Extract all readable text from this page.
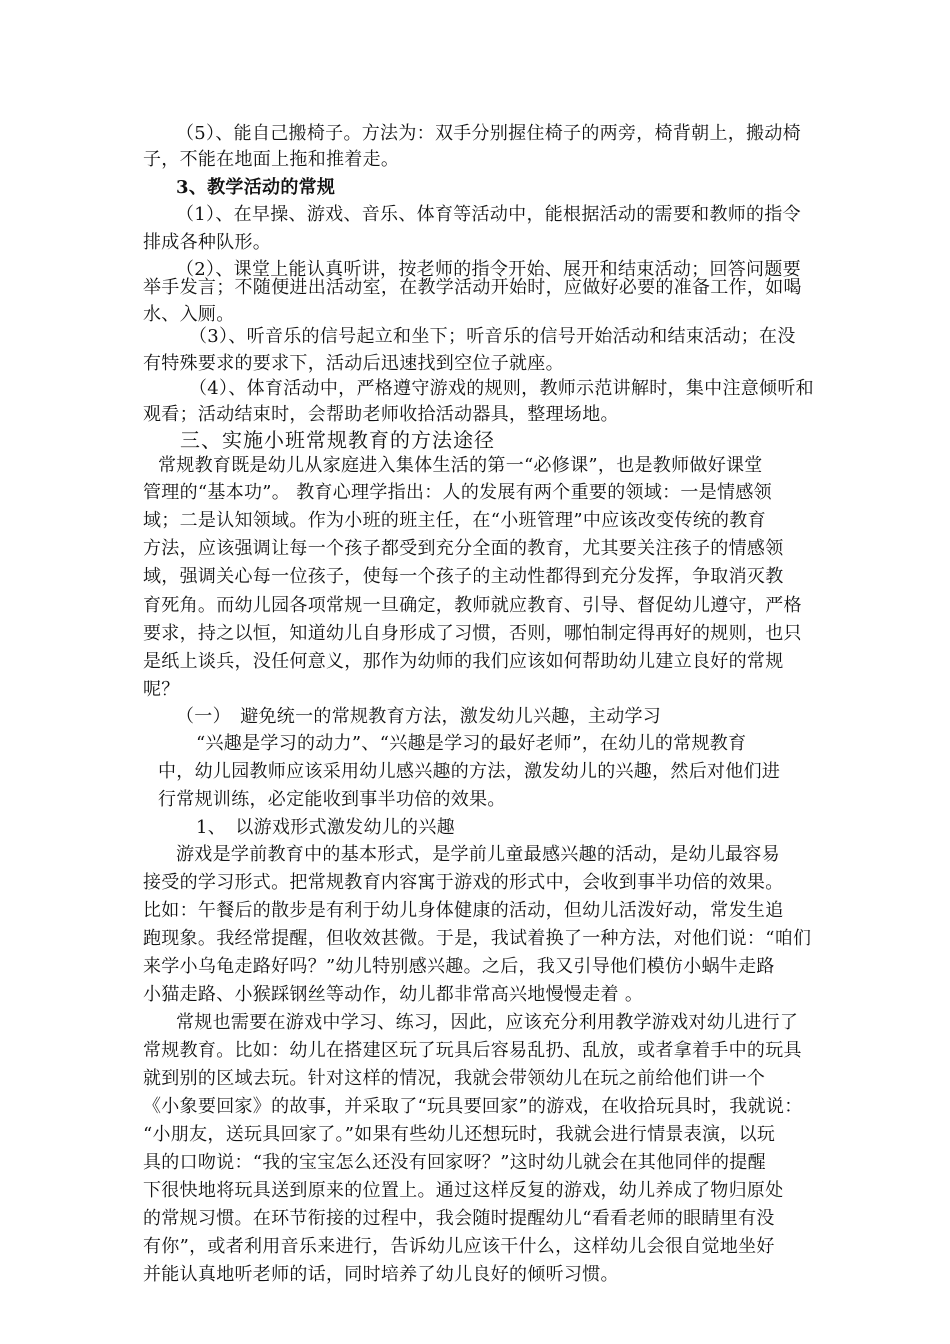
（5）、能自己搬椅子。方法为：双手分别握住椅子的两旁，椅背朝上，搬动椅
子，不能在地面上拖和推着走。
3、教学活动的常规
（1）、在早操、游戏、音乐、体育等活动中，能根据活动的需要和教师的指令
排成各种队形。
（2）、课堂上能认真听讲，按老师的指令开始、展开和结束活动；回答问题要
举手发言；不随便进出活动室，在教学活动开始时，应做好必要的准备工作，如喝
水、入厕。
（3）、听音乐的信号起立和坐下；听音乐的信号开始活动和结束活动；在没
有特殊要求的要求下，活动后迅速找到空位子就座。
（4）、体育活动中，严格遵守游戏的规则，教师示范讲解时，集中注意倾听和
观看；活动结束时，会帮助老师收拾活动器具，整理场地。
三、实施小班常规教育的方法途径
常规教育既是幼儿从家庭进入集体生活的第一“必修课”，也是教师做好课堂
管理的“基本功”。 教育心理学指出：人的发展有两个重要的领域：一是情感领
域；二是认知领域。作为小班的班主任，在“小班管理”中应该改变传统的教育
方法，应该强调让每一个孩子都受到充分全面的教育，尤其要关注孩子的情感领
域，强调关心每一位孩子，使每一个孩子的主动性都得到充分发挥，争取消灭教
育死角。而幼儿园各项常规一旦确定，教师就应教育、引导、督促幼儿遵守，严格
要求，持之以恒，知道幼儿自身形成了习惯，否则，哪怕制定得再好的规则，也只
是纸上谈兵，没任何意义，那作为幼师的我们应该如何帮助幼儿建立良好的常规
呢？
（一）　避免统一的常规教育方法，激发幼儿兴趣，主动学习
“兴趣是学习的动力”、“兴趣是学习的最好老师”，在幼儿的常规教育
中，幼儿园教师应该采用幼儿感兴趣的方法，激发幼儿的兴趣，然后对他们进
行常规训练，必定能收到事半功倍的效果。
1、　以游戏形式激发幼儿的兴趣
游戏是学前教育中的基本形式，是学前儿童最感兴趣的活动，是幼儿最容易
接受的学习形式。把常规教育内容寓于游戏的形式中，会收到事半功倍的效果。
比如：午餐后的散步是有利于幼儿身体健康的活动，但幼儿活泼好动，常发生追
跑现象。我经常提醒，但收效甚微。于是，我试着换了一种方法，对他们说：“咱们
来学小乌龟走路好吗？”幼儿特别感兴趣。之后，我又引导他们模仿小蜗牛走路
小猫走路、小猴踩钢丝等动作，幼儿都非常高兴地慢慢走着 。
常规也需要在游戏中学习、练习，因此，应该充分利用教学游戏对幼儿进行了
常规教育。比如：幼儿在搭建区玩了玩具后容易乱扔、乱放，或者拿着手中的玩具
就到别的区域去玩。针对这样的情况，我就会带领幼儿在玩之前给他们讲一个
《小象要回家》的故事，并采取了“玩具要回家”的游戏，在收拾玩具时，我就说：
“小朋友，送玩具回家了。”如果有些幼儿还想玩时，我就会进行情景表演，以玩
具的口吻说：“我的宝宝怎么还没有回家呀？”这时幼儿就会在其他同伴的提醒
下很快地将玩具送到原来的位置上。通过这样反复的游戏，幼儿养成了物归原处
的常规习惯。在环节衔接的过程中，我会随时提醒幼儿“看看老师的眼睛里有没
有你”，或者利用音乐来进行，告诉幼儿应该干什么，这样幼儿会很自觉地坐好
并能认真地听老师的话，同时培养了幼儿良好的倾听习惯。
